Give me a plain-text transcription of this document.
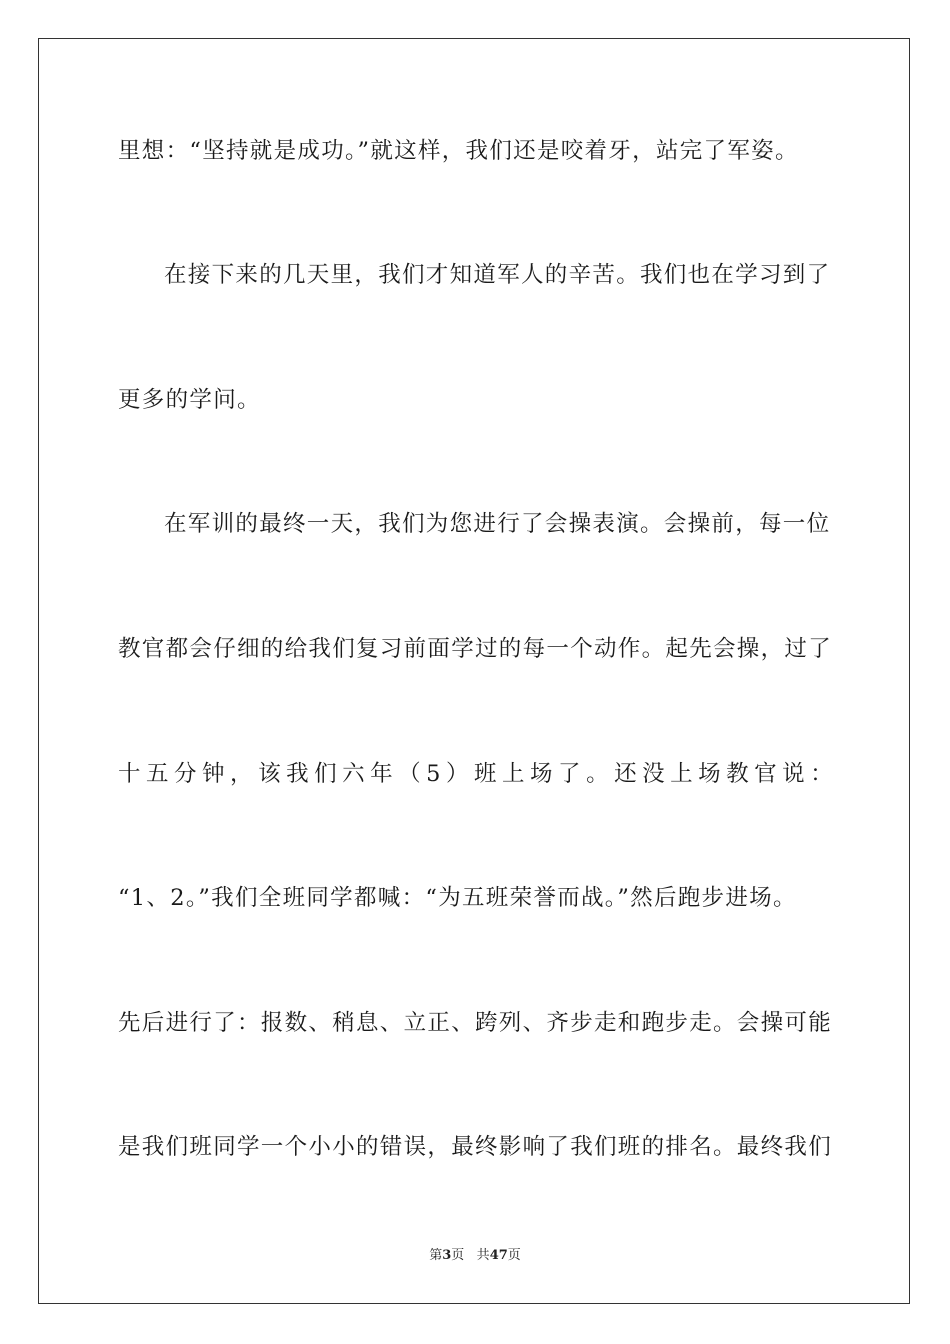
里想：“坚持就是成功。”就这样，我们还是咬着牙，站完了军姿。
在接下来的几天里，我们才知道军人的辛苦。我们也在学习到了
更多的学问。
在军训的最终一天，我们为您进行了会操表演。会操前，每一位
教官都会仔细的给我们复习前面学过的每一个动作。起先会操，过了
十五分钟，该我们六年（5）班上场了。还没上场教官说：
“1、2。”我们全班同学都喊：“为五班荣誉而战。”然后跑步进场。
先后进行了：报数、稍息、立正、跨列、齐步走和跑步走。会操可能
是我们班同学一个小小的错误，最终影响了我们班的排名。最终我们
第3页 共47页
